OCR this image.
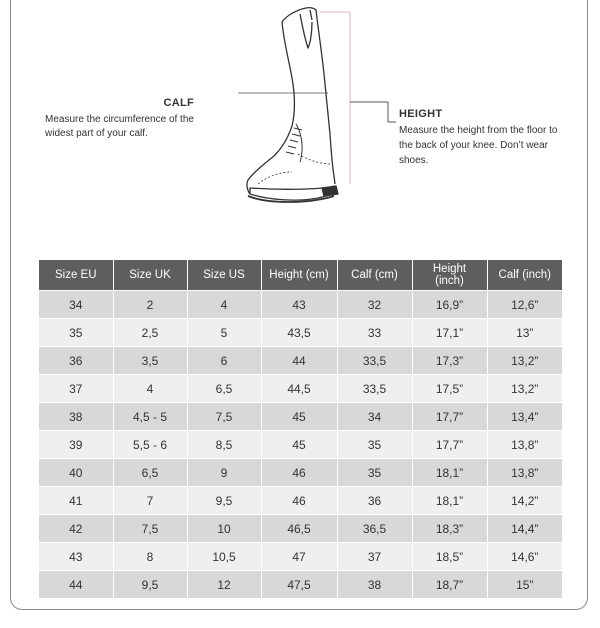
CALF
Measure the circumference of the widest part of your calf.
HEIGHT
Measure the height from the floor to the back of your knee. Don’t wear shoes.
Size EU	Size UK	Size US	Height (cm)	Calf (cm)	Height (inch)	Calf (inch)
34	2	4	43	32	16,9”	12,6”
35	2,5	5	43,5	33	17,1”	13”
36	3,5	6	44	33,5	17,3”	13,2”
37	4	6,5	44,5	33,5	17,5”	13,2”
38	4,5 - 5	7,5	45	34	17,7”	13,4”
39	5,5 - 6	8,5	45	35	17,7”	13,8”
40	6,5	9	46	35	18,1”	13,8”
41	7	9,5	46	36	18,1”	14,2”
42	7,5	10	46,5	36,5	18,3”	14,4”
43	8	10,5	47	37	18,5”	14,6”
44	9,5	12	47,5	38	18,7”	15”
